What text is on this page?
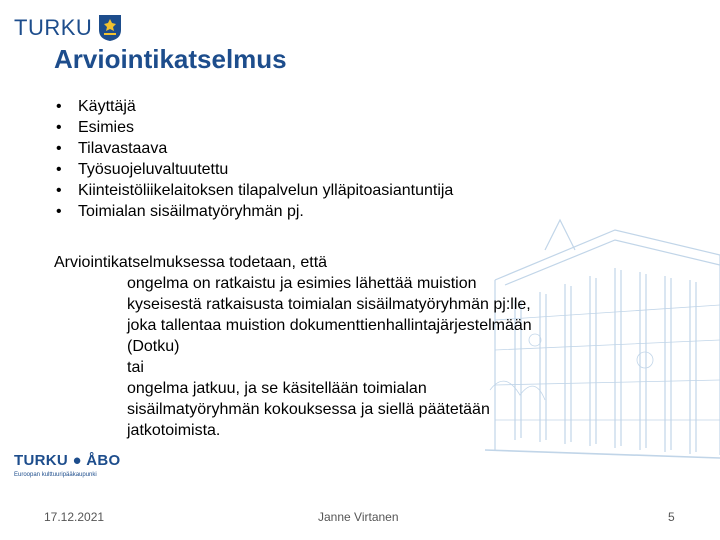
TURKU
Arviointikatselmus
• Käyttäjä
• Esimies
• Tilavastaava
• Työsuojeluvaltuutettu
• Kiinteistöliikelaitoksen tilapalvelun ylläpitoasiantuntija
• Toimialan sisäilmatyöryhmän pj.

Arviointikatselmuksessa todetaan, että

ongelma on ratkaistu ja esimies lähettää muistion
kyseisestä ratkaisusta toimialan sisäilmatyöryhmän pj:lle,
joka tallentaa muistion dokumenttienhallintajärjestelmään
(Dotku)
tai
ongelma jatkuu, ja se käsitellään toimialan
sisäilmatyöryhmän kokouksessa ja siellä päätetään
jatkotoimista.
TURKU ● ÅBO
Euroopan kulttuuripääkaupunki
17.12.2021	Janne Virtanen	5
